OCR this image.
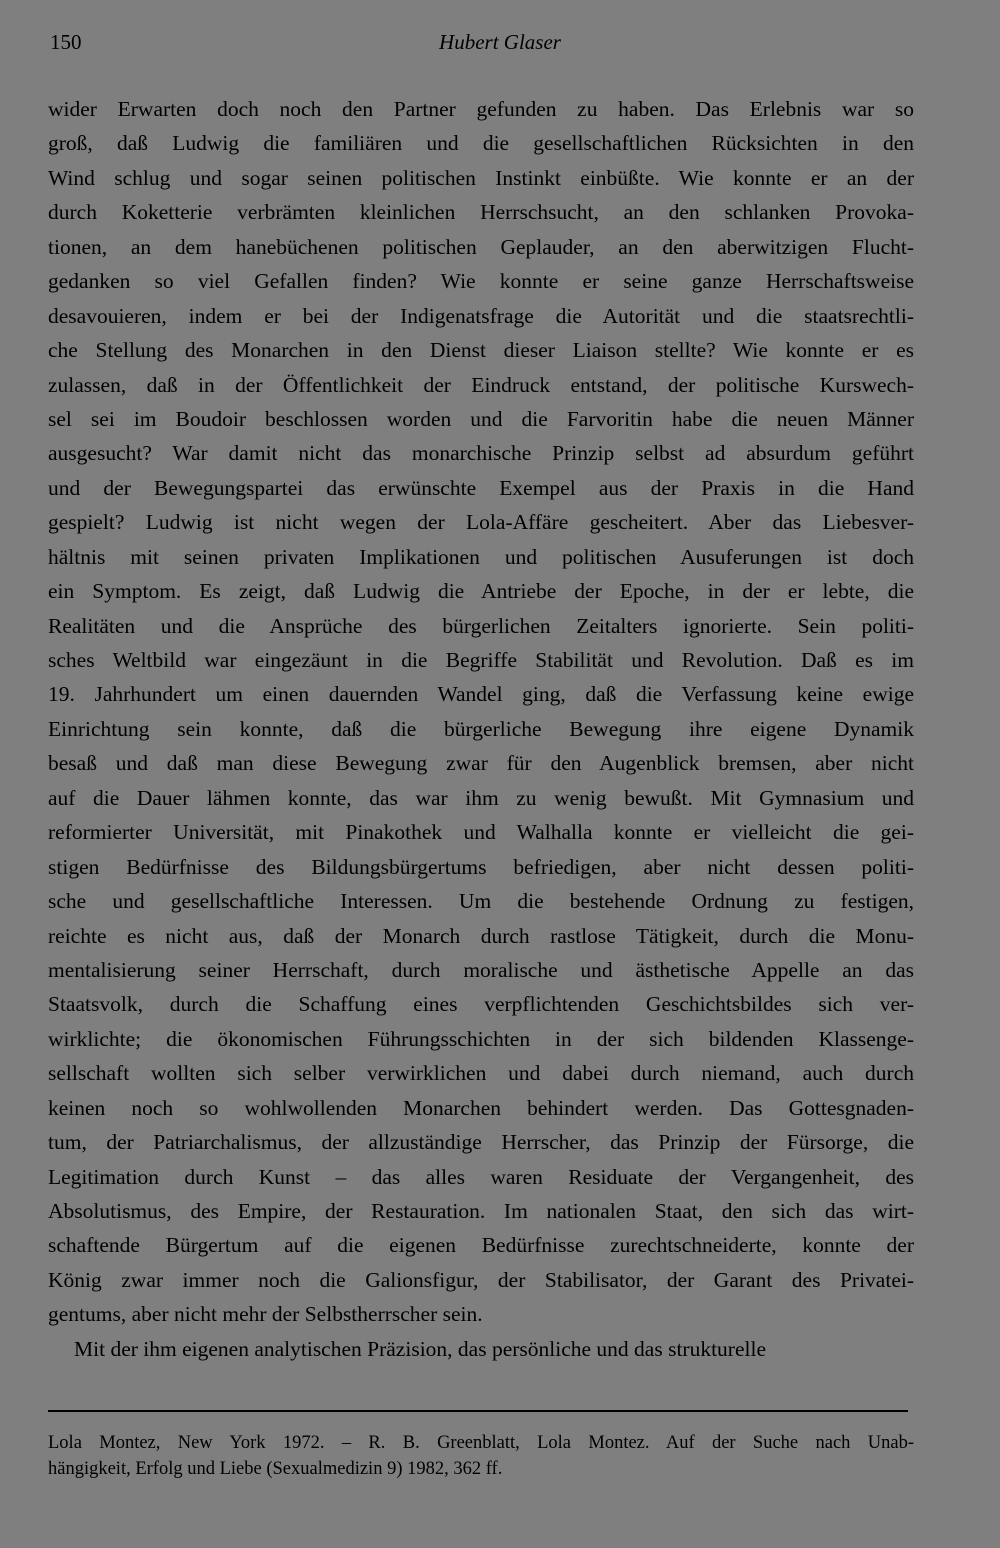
150	Hubert Glaser
wider Erwarten doch noch den Partner gefunden zu haben. Das Erlebnis war so
groß, daß Ludwig die familiären und die gesellschaftlichen Rücksichten in den
Wind schlug und sogar seinen politischen Instinkt einbüßte. Wie konnte er an der
durch Koketterie verbrämten kleinlichen Herrschsucht, an den schlanken Provoka-
tionen, an dem hanebüchenen politischen Geplauder, an den aberwitzigen Flucht-
gedanken so viel Gefallen finden? Wie konnte er seine ganze Herrschaftsweise
desavouieren, indem er bei der Indigenatsfrage die Autorität und die staatsrechtli-
che Stellung des Monarchen in den Dienst dieser Liaison stellte? Wie konnte er es
zulassen, daß in der Öffentlichkeit der Eindruck entstand, der politische Kurswech-
sel sei im Boudoir beschlossen worden und die Farvoritin habe die neuen Männer
ausgesucht? War damit nicht das monarchische Prinzip selbst ad absurdum geführt
und der Bewegungspartei das erwünschte Exempel aus der Praxis in die Hand
gespielt? Ludwig ist nicht wegen der Lola-Affäre gescheitert. Aber das Liebesver-
hältnis mit seinen privaten Implikationen und politischen Ausuferungen ist doch
ein Symptom. Es zeigt, daß Ludwig die Antriebe der Epoche, in der er lebte, die
Realitäten und die Ansprüche des bürgerlichen Zeitalters ignorierte. Sein politi-
sches Weltbild war eingezäunt in die Begriffe Stabilität und Revolution. Daß es im
19. Jahrhundert um einen dauernden Wandel ging, daß die Verfassung keine ewige
Einrichtung sein konnte, daß die bürgerliche Bewegung ihre eigene Dynamik
besaß und daß man diese Bewegung zwar für den Augenblick bremsen, aber nicht
auf die Dauer lähmen konnte, das war ihm zu wenig bewußt. Mit Gymnasium und
reformierter Universität, mit Pinakothek und Walhalla konnte er vielleicht die gei-
stigen Bedürfnisse des Bildungsbürgertums befriedigen, aber nicht dessen politi-
sche und gesellschaftliche Interessen. Um die bestehende Ordnung zu festigen,
reichte es nicht aus, daß der Monarch durch rastlose Tätigkeit, durch die Monu-
mentalisierung seiner Herrschaft, durch moralische und ästhetische Appelle an das
Staatsvolk, durch die Schaffung eines verpflichtenden Geschichtsbildes sich ver-
wirklichte; die ökonomischen Führungsschichten in der sich bildenden Klassenge-
sellschaft wollten sich selber verwirklichen und dabei durch niemand, auch durch
keinen noch so wohlwollenden Monarchen behindert werden. Das Gottesgnaden-
tum, der Patriarchalismus, der allzuständige Herrscher, das Prinzip der Fürsorge, die
Legitimation durch Kunst – das alles waren Residuate der Vergangenheit, des
Absolutismus, des Empire, der Restauration. Im nationalen Staat, den sich das wirt-
schaftende Bürgertum auf die eigenen Bedürfnisse zurechtschneiderte, konnte der
König zwar immer noch die Galionsfigur, der Stabilisator, der Garant des Privatei-
gentums, aber nicht mehr der Selbstherrscher sein.
Mit der ihm eigenen analytischen Präzision, das persönliche und das strukturelle
Lola Montez, New York 1972. – R. B. Greenblatt, Lola Montez. Auf der Suche nach Unab-
hängigkeit, Erfolg und Liebe (Sexualmedizin 9) 1982, 362 ff.
